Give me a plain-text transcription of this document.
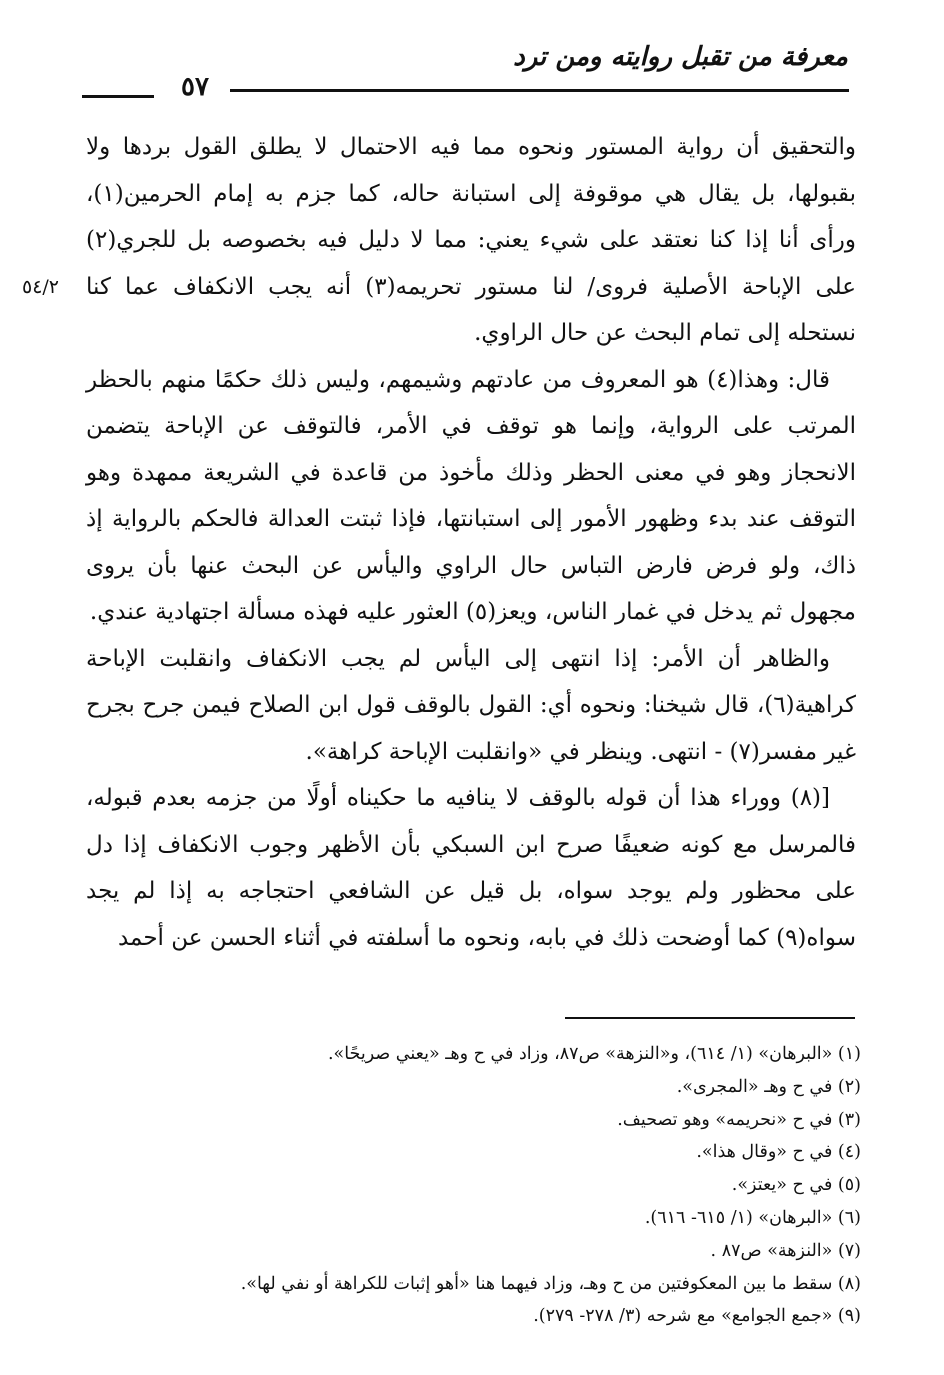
معرفة من تقبل روايته ومن ترد
٥٧
٥٤/٢

والتحقيق أن رواية المستور ونحوه مما فيه الاحتمال لا يطلق القول بردها ولا بقبولها، بل يقال هي موقوفة إلى استبانة حاله، كما جزم به إمام الحرمين(١)، ورأى أنا إذا كنا نعتقد على شيء يعني: مما لا دليل فيه بخصوصه بل للجري(٢) على الإباحة الأصلية فروى/ لنا مستور تحريمه(٣) أنه يجب الانكفاف عما كنا نستحله إلى تمام البحث عن حال الراوي.

قال: وهذا(٤) هو المعروف من عادتهم وشيمهم، وليس ذلك حكمًا منهم بالحظر المرتب على الرواية، وإنما هو توقف في الأمر، فالتوقف عن الإباحة يتضمن الانحجاز وهو في معنى الحظر وذلك مأخوذ من قاعدة في الشريعة ممهدة وهو التوقف عند بدء وظهور الأمور إلى استبانتها، فإذا ثبتت العدالة فالحكم بالرواية إذ ذاك، ولو فرض فارض التباس حال الراوي واليأس عن البحث عنها بأن يروى مجهول ثم يدخل في غمار الناس، ويعز(٥) العثور عليه فهذه مسألة اجتهادية عندي.

والظاهر أن الأمر: إذا انتهى إلى اليأس لم يجب الانكفاف وانقلبت الإباحة كراهية(٦)، قال شيخنا: ونحوه أي: القول بالوقف قول ابن الصلاح فيمن جرح بجرح غير مفسر(٧) - انتهى. وينظر في «وانقلبت الإباحة كراهة».

[(٨) ووراء هذا أن قوله بالوقف لا ينافيه ما حكيناه أولًا من جزمه بعدم قبوله، فالمرسل مع كونه ضعيفًا صرح ابن السبكي بأن الأظهر وجوب الانكفاف إذا دل على محظور ولم يوجد سواه، بل قيل عن الشافعي احتجاجه به إذا لم يجد سواه(٩) كما أوضحت ذلك في بابه، ونحوه ما أسلفته في أثناء الحسن عن أحمد

(١) «البرهان» (١/ ٦١٤)، و«النزهة» ص٨٧، وزاد في ح وهـ «يعني صريحًا».
(٢) في ح وهـ «المجرى».
(٣) في ح «نحريمه» وهو تصحيف.
(٤) في ح «وقال هذا».
(٥) في ح «يعتز».
(٦) «البرهان» (١/ ٦١٥- ٦١٦).
(٧) «النزهة» ص٨٧ .
(٨) سقط ما بين المعكوفتين من ح وهـ، وزاد فيهما هنا «أهو إثبات للكراهة أو نفي لها».
(٩) «جمع الجوامع» مع شرحه (٣/ ٢٧٨- ٢٧٩).
